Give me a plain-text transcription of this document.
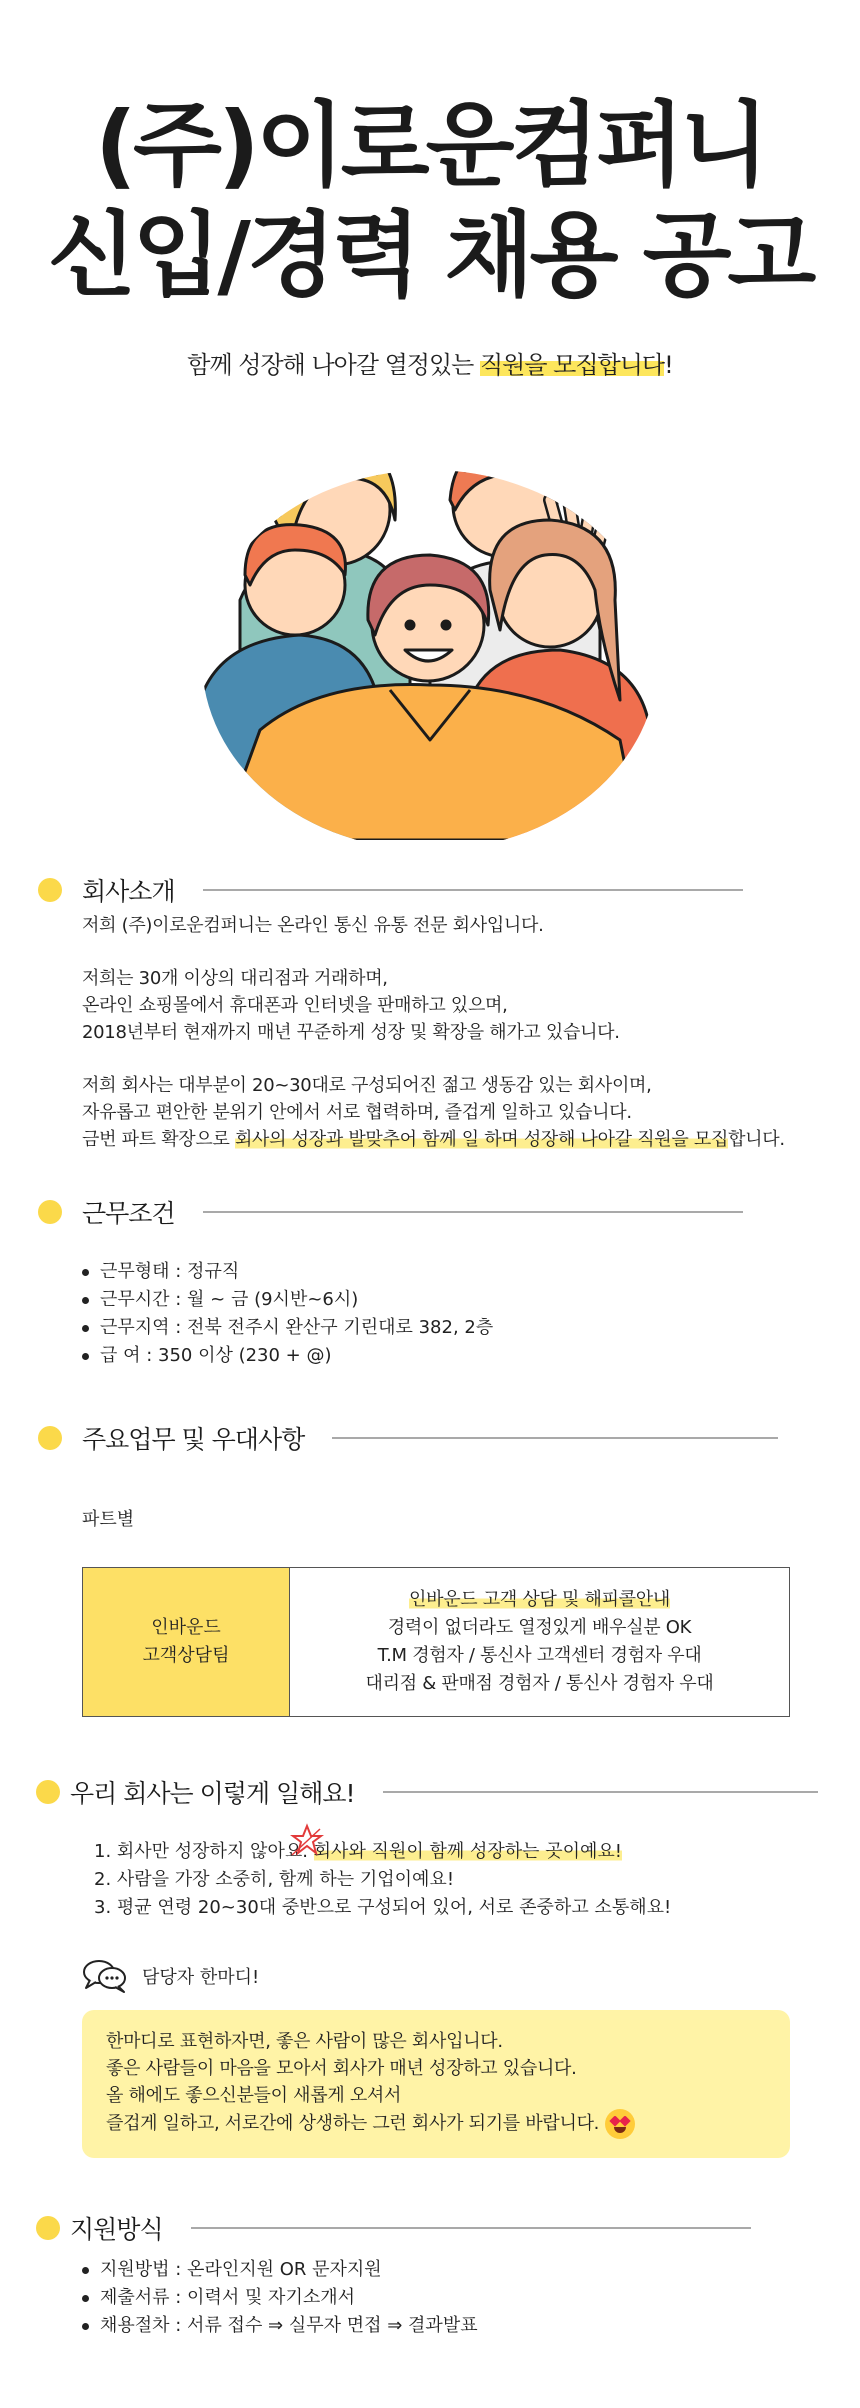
(주)이로운컴퍼니
신입/경력 채용 공고
함께 성장해 나아갈 열정있는 직원을 모집합니다!
회사소개
저희 (주)이로운컴퍼니는 온라인 통신 유통 전문 회사입니다.
저희는 30개 이상의 대리점과 거래하며,
온라인 쇼핑몰에서 휴대폰과 인터넷을 판매하고 있으며,
2018년부터 현재까지 매년 꾸준하게 성장 및 확장을 해가고 있습니다.
저희 회사는 대부분이 20~30대로 구성되어진 젊고 생동감 있는 회사이며,
자유롭고 편안한 분위기 안에서 서로 협력하며, 즐겁게 일하고 있습니다.
금번 파트 확장으로 회사의 성장과 발맞추어 함께 일 하며 성장해 나아갈 직원을 모집합니다.
근무조건
근무형태 : 정규직
근무시간 : 월 ~ 금 (9시반~6시)
근무지역 : 전북 전주시 완산구 기린대로 382, 2층
급 여 : 350 이상 (230 + @)
주요업무 및 우대사항
파트별
인바운드
고객상담팀
인바운드 고객 상담 및 해피콜안내
경력이 없더라도 열정있게 배우실분 OK
T.M 경험자 / 통신사 고객센터 경험자 우대
대리점 & 판매점 경험자 / 통신사 경험자 우대
우리 회사는 이렇게 일해요!
1. 회사만 성장하지 않아요.
회사와 직원이 함께 성장하는 곳이예요!
2. 사람을 가장 소중히, 함께 하는 기업이예요!
3. 평균 연령 20~30대 중반으로 구성되어 있어, 서로 존중하고 소통해요!
담당자 한마디!
한마디로 표현하자면, 좋은 사람이 많은 회사입니다.
좋은 사람들이 마음을 모아서 회사가 매년 성장하고 있습니다.
올 해에도 좋으신분들이 새롭게 오셔서
즐겁게 일하고, 서로간에 상생하는 그런 회사가 되기를 바랍니다.
지원방식
지원방법 : 온라인지원 OR 문자지원
제출서류 : 이력서 및 자기소개서
채용절차 : 서류 접수 ⇒ 실무자 면접 ⇒ 결과발표
